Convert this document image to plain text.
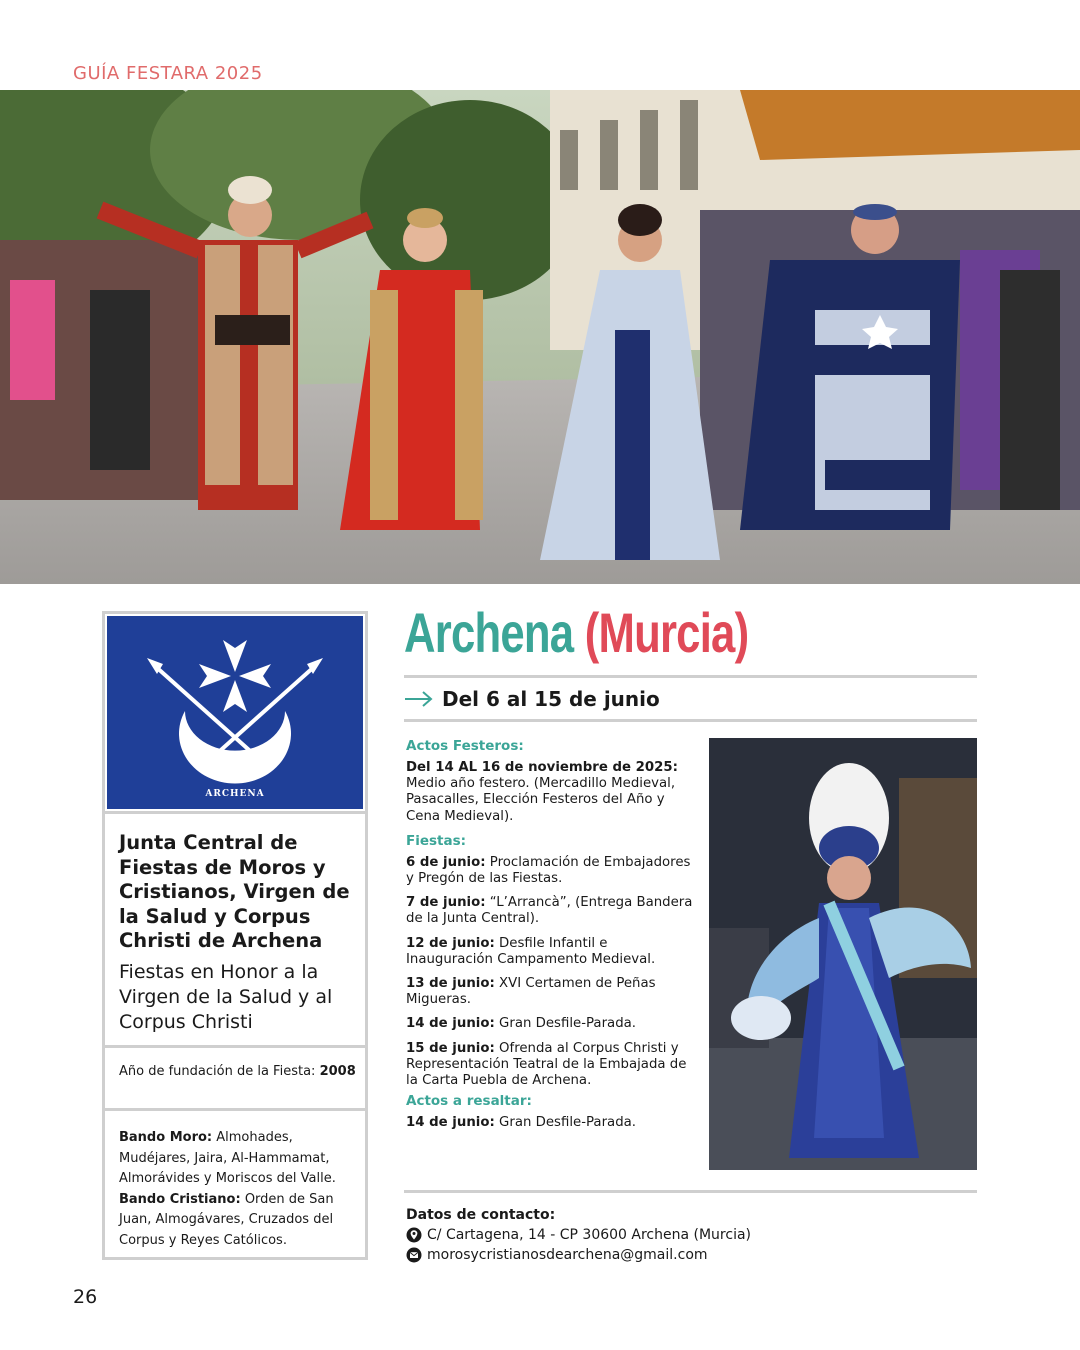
GUÍA FESTARA 2025
ARCHENA
Junta Central de Fiestas de Moros y Cristianos, Virgen de la Salud y Corpus Christi de Archena
Fiestas en Honor a la Virgen de la Salud y al Corpus Christi
Año de fundación de la Fiesta: 2008

Bando Moro: Almohades, Mudéjares, Jaira, Al-Hammamat, Almorávides y Moriscos del Valle.

Bando Cristiano: Orden de San Juan, Almogávares, Cruzados del Corpus y Reyes Católicos.

Archena (Murcia)
Del 6 al 15 de junio
Actos Festeros:
Del 14 AL 16 de noviembre de 2025: Medio año festero. (Mercadillo Medieval, Pasacalles, Elección Festeros del Año y Cena Medieval).
Fiestas:
6 de junio: Proclamación de Embajadores y Pregón de las Fiestas.
7 de junio: “L’Arrancà”, (Entrega Bandera de la Junta Central).
12 de junio: Desfile Infantil e Inauguración Campamento Medieval.
13 de junio: XVI Certamen de Peñas Migueras.
14 de junio: Gran Desfile-Parada.
15 de junio: Ofrenda al Corpus Christi y Representación Teatral de la Embajada de la Carta Puebla de Archena.
Actos a resaltar:
14 de junio: Gran Desfile-Parada.
Datos de contacto:
C/ Cartagena, 14 - CP 30600 Archena (Murcia)
morosycristianosdearchena@gmail.com
26
